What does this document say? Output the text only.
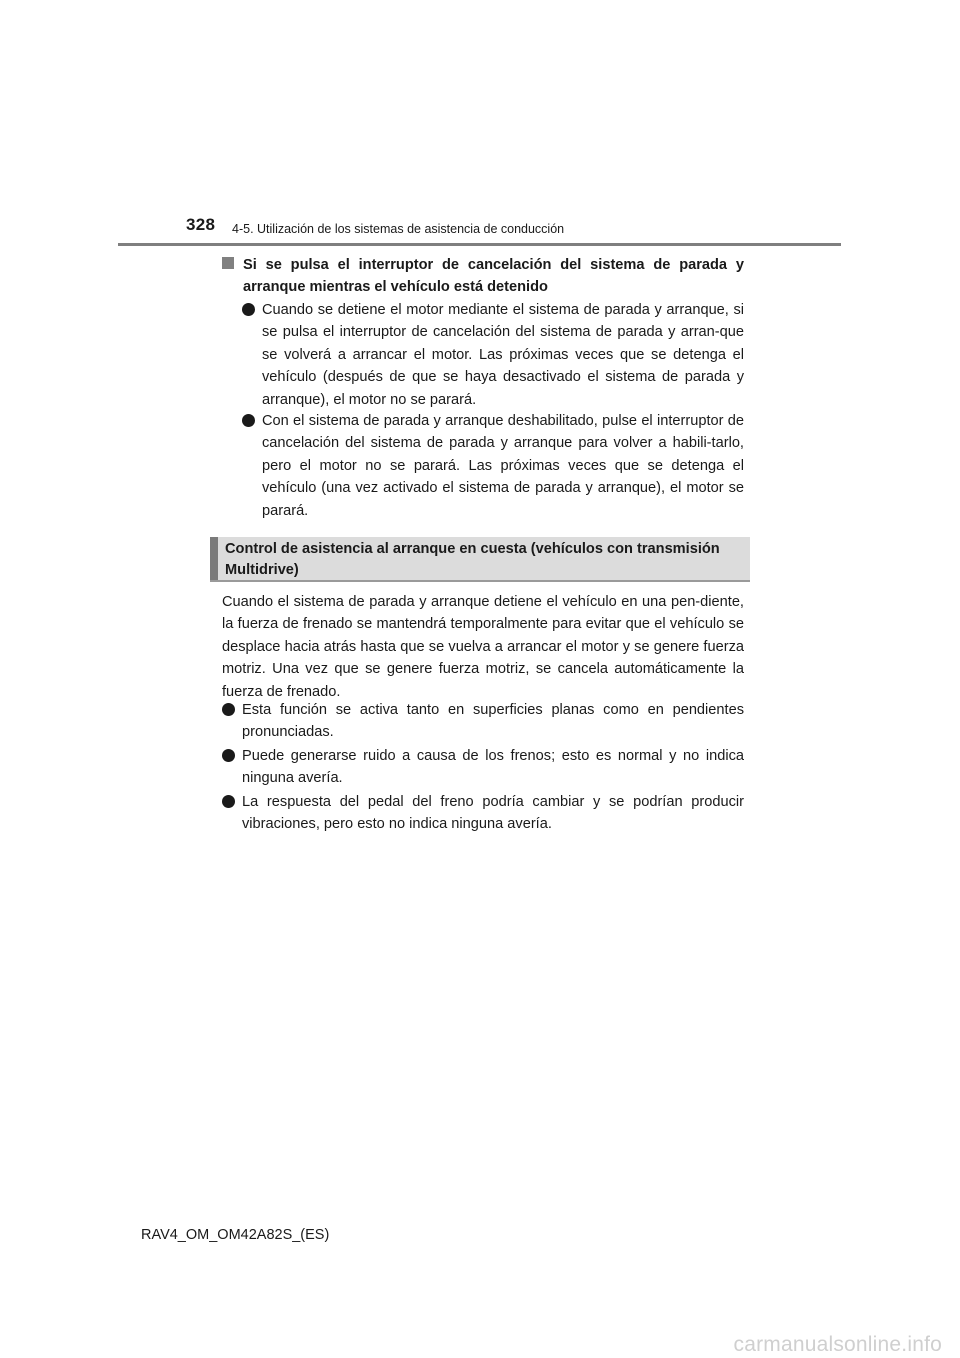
328 4-5. Utilización de los sistemas de asistencia de conducción
Si se pulsa el interruptor de cancelación del sistema de parada y arranque mientras el vehículo está detenido
Cuando se detiene el motor mediante el sistema de parada y arranque, si se pulsa el interruptor de cancelación del sistema de parada y arran-que se volverá a arrancar el motor. Las próximas veces que se detenga el vehículo (después de que se haya desactivado el sistema de parada y arranque), el motor no se parará.
Con el sistema de parada y arranque deshabilitado, pulse el interruptor de cancelación del sistema de parada y arranque para volver a habili-tarlo, pero el motor no se parará. Las próximas veces que se detenga el vehículo (una vez activado el sistema de parada y arranque), el motor se parará.
Control de asistencia al arranque en cuesta (vehículos con transmisión Multidrive)
Cuando el sistema de parada y arranque detiene el vehículo en una pen-diente, la fuerza de frenado se mantendrá temporalmente para evitar que el vehículo se desplace hacia atrás hasta que se vuelva a arrancar el motor y se genere fuerza motriz. Una vez que se genere fuerza motriz, se cancela automáticamente la fuerza de frenado.
Esta función se activa tanto en superficies planas como en pendientes pronunciadas.
Puede generarse ruido a causa de los frenos; esto es normal y no indica ninguna avería.
La respuesta del pedal del freno podría cambiar y se podrían producir vibraciones, pero esto no indica ninguna avería.
RAV4_OM_OM42A82S_(ES)
carmanualsonline.info
